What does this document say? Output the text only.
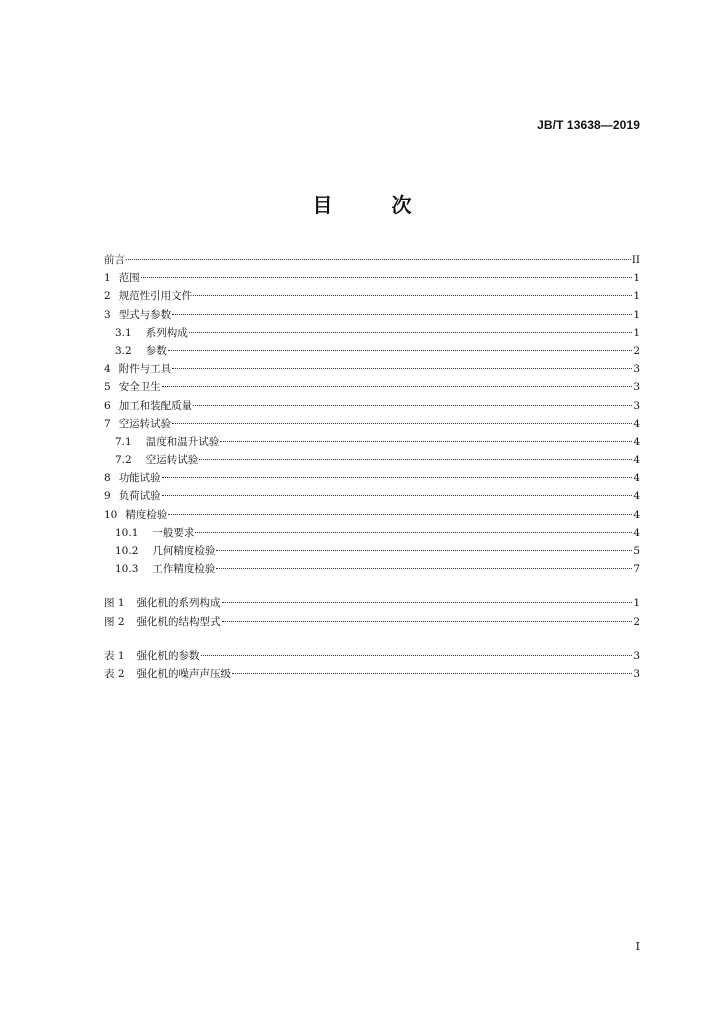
JB/T 13638—2019
目 次
前言	II
1 范围	1
2 规范性引用文件	1
3 型式与参数	1
3.1 系列构成	1
3.2 参数	2
4 附件与工具	3
5 安全卫生	3
6 加工和装配质量	3
7 空运转试验	4
7.1 温度和温升试验	4
7.2 空运转试验	4
8 功能试验	4
9 负荷试验	4
10 精度检验	4
10.1 一般要求	4
10.2 几何精度检验	5
10.3 工作精度检验	7
图 1 强化机的系列构成	1
图 2 强化机的结构型式	2
表 1 强化机的参数	3
表 2 强化机的噪声声压级	3
I
